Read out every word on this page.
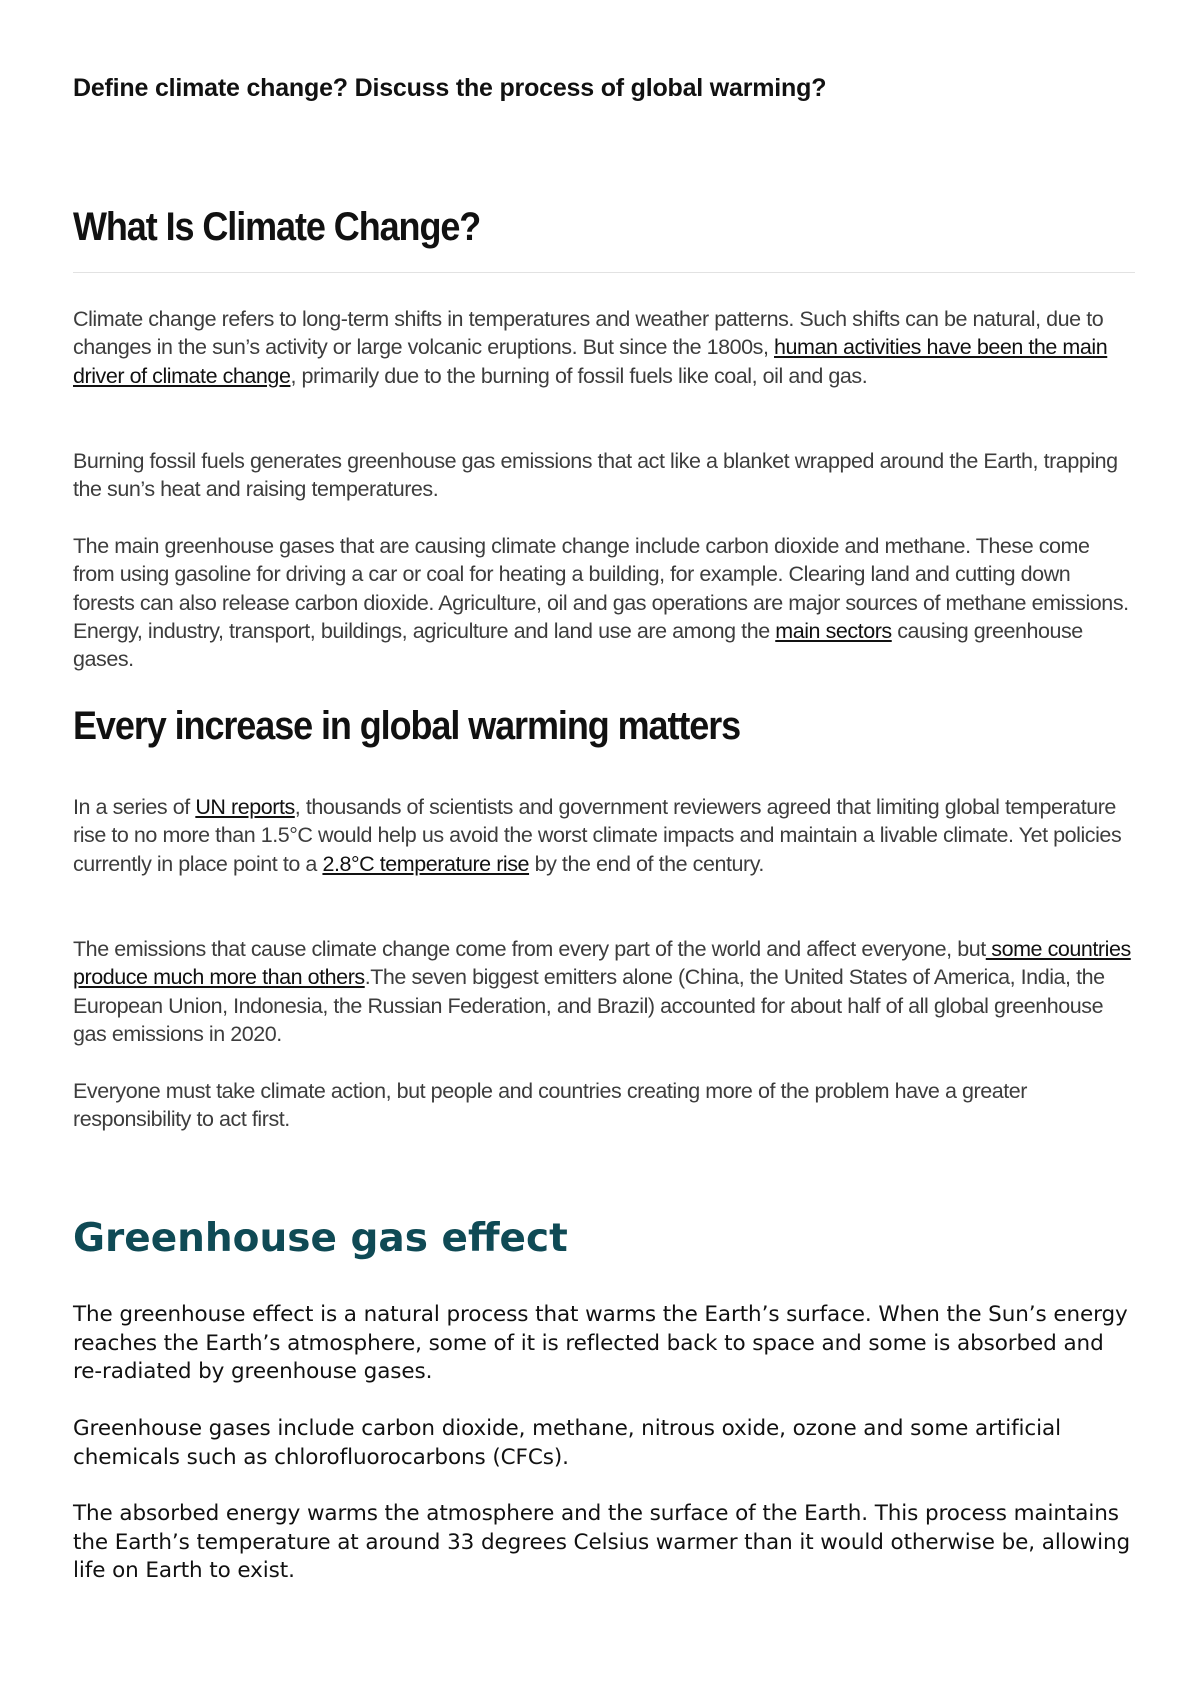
Define climate change? Discuss the process of global warming?
What Is Climate Change?

Climate change refers to long-term shifts in temperatures and weather patterns. Such shifts can be natural, due to changes in the sun’s activity or large volcanic eruptions. But since the 1800s, human activities have been the main driver of climate change, primarily due to the burning of fossil fuels like coal, oil and gas.

Burning fossil fuels generates greenhouse gas emissions that act like a blanket wrapped around the Earth, trapping the sun’s heat and raising temperatures.

The main greenhouse gases that are causing climate change include carbon dioxide and methane. These come from using gasoline for driving a car or coal for heating a building, for example. Clearing land and cutting down forests can also release carbon dioxide. Agriculture, oil and gas operations are major sources of methane emissions. Energy, industry, transport, buildings, agriculture and land use are among the main sectors causing greenhouse gases.

Every increase in global warming matters

In a series of UN reports, thousands of scientists and government reviewers agreed that limiting global temperature rise to no more than 1.5°C would help us avoid the worst climate impacts and maintain a livable climate. Yet policies currently in place point to a 2.8°C temperature rise by the end of the century.

The emissions that cause climate change come from every part of the world and affect everyone, but some countries produce much more than others.The seven biggest emitters alone (China, the United States of America, India, the European Union, Indonesia, the Russian Federation, and Brazil) accounted for about half of all global greenhouse gas emissions in 2020.

Everyone must take climate action, but people and countries creating more of the problem have a greater responsibility to act first.

Greenhouse gas effect

The greenhouse effect is a natural process that warms the Earth’s surface. When the Sun’s energy reaches the Earth’s atmosphere, some of it is reflected back to space and some is absorbed and re-radiated by greenhouse gases.

Greenhouse gases include carbon dioxide, methane, nitrous oxide, ozone and some artificial chemicals such as chlorofluorocarbons (CFCs).

The absorbed energy warms the atmosphere and the surface of the Earth. This process maintains the Earth’s temperature at around 33 degrees Celsius warmer than it would otherwise be, allowing life on Earth to exist.
